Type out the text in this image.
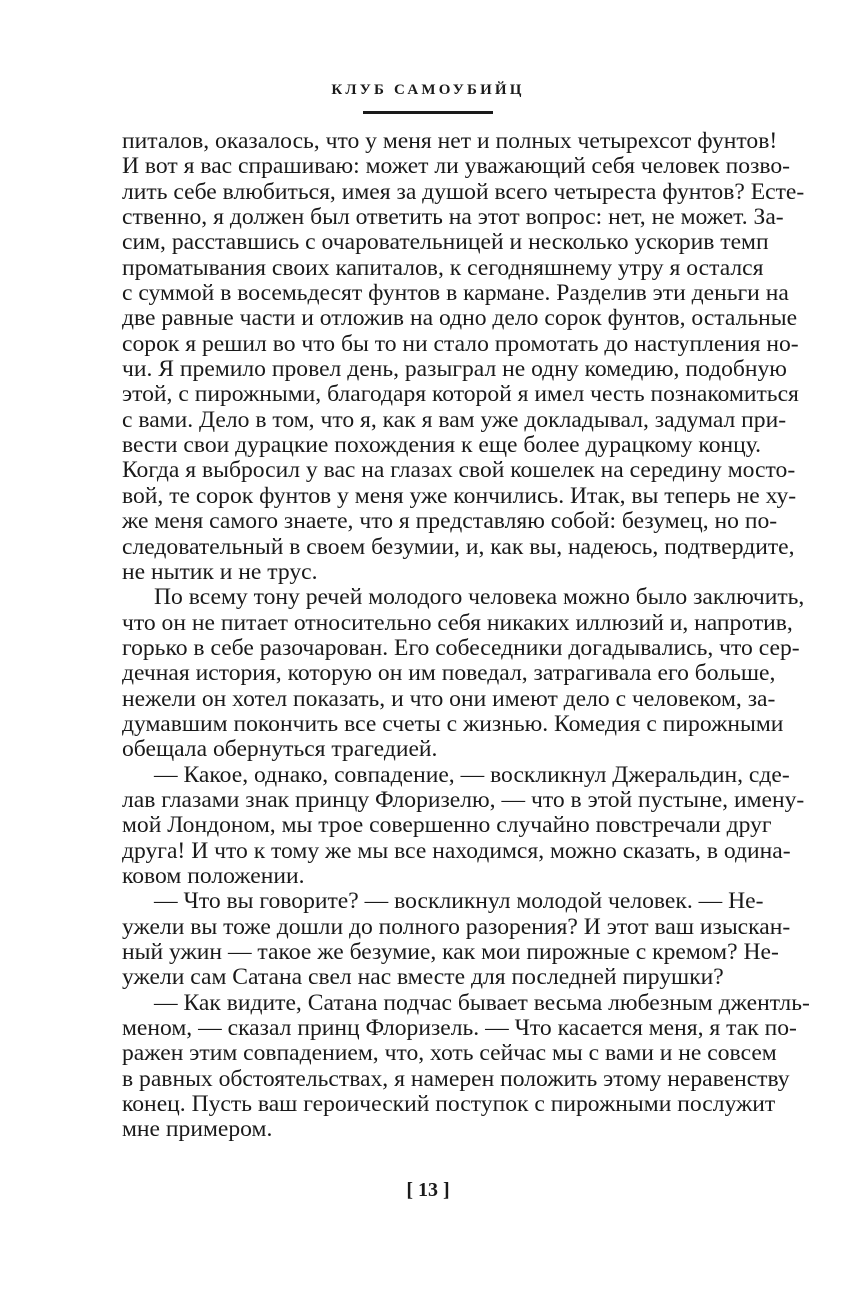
КЛУБ САМОУБИЙЦ
питалов, оказалось, что у меня нет и полных четырехсот фунтов!
И вот я вас спрашиваю: может ли уважающий себя человек позво-
лить себе влюбиться, имея за душой всего четыреста фунтов? Есте-
ственно, я должен был ответить на этот вопрос: нет, не может. За-
сим, расставшись с очаровательницей и несколько ускорив темп
проматывания своих капиталов, к сегодняшнему утру я остался
с суммой в восемьдесят фунтов в кармане. Разделив эти деньги на
две равные части и отложив на одно дело сорок фунтов, остальные
сорок я решил во что бы то ни стало промотать до наступления но-
чи. Я премило провел день, разыграл не одну комедию, подобную
этой, с пирожными, благодаря которой я имел честь познакомиться
с вами. Дело в том, что я, как я вам уже докладывал, задумал при-
вести свои дурацкие похождения к еще более дурацкому концу.
Когда я выбросил у вас на глазах свой кошелек на середину мосто-
вой, те сорок фунтов у меня уже кончились. Итак, вы теперь не ху-
же меня самого знаете, что я представляю собой: безумец, но по-
следовательный в своем безумии, и, как вы, надеюсь, подтвердите,
не нытик и не трус.
По всему тону речей молодого человека можно было заключить,
что он не питает относительно себя никаких иллюзий и, напротив,
горько в себе разочарован. Его собеседники догадывались, что сер-
дечная история, которую он им поведал, затрагивала его больше,
нежели он хотел показать, и что они имеют дело с человеком, за-
думавшим покончить все счеты с жизнью. Комедия с пирожными
обещала обернуться трагедией.
— Какое, однако, совпадение, — воскликнул Джеральдин, сде-
лав глазами знак принцу Флоризелю, — что в этой пустыне, имену-
мой Лондоном, мы трое совершенно случайно повстречали друг
друга! И что к тому же мы все находимся, можно сказать, в одина-
ковом положении.
— Что вы говорите? — воскликнул молодой человек. — Не-
ужели вы тоже дошли до полного разорения? И этот ваш изыскан-
ный ужин — такое же безумие, как мои пирожные с кремом? Не-
ужели сам Сатана свел нас вместе для последней пирушки?
— Как видите, Сатана подчас бывает весьма любезным джентль-
меном, — сказал принц Флоризель. — Что касается меня, я так по-
ражен этим совпадением, что, хоть сейчас мы с вами и не совсем
в равных обстоятельствах, я намерен положить этому неравенству
конец. Пусть ваш героический поступок с пирожными послужит
мне примером.
[ 13 ]
